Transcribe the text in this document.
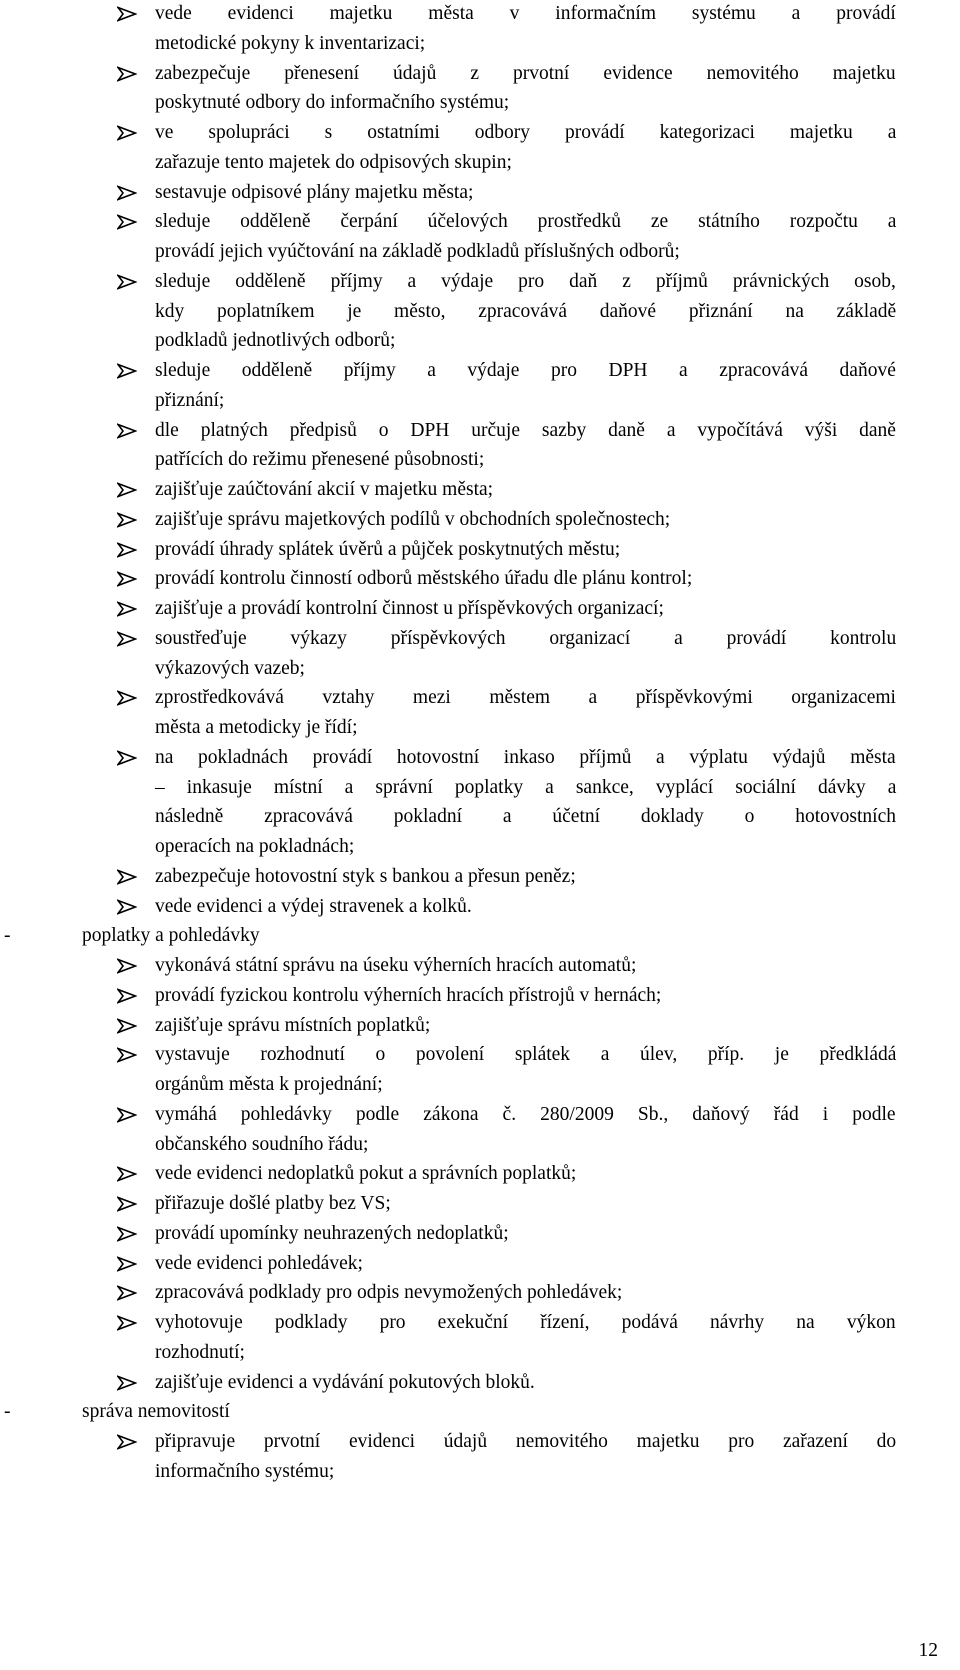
vede evidenci majetku města v informačním systému a provádí
metodické pokyny k inventarizaci;
zabezpečuje přenesení údajů z prvotní evidence nemovitého majetku
poskytnuté odbory do informačního systému;
ve spolupráci s ostatními odbory provádí kategorizaci majetku a
zařazuje tento majetek do odpisových skupin;
sestavuje odpisové plány majetku města;
sleduje odděleně čerpání účelových prostředků ze státního rozpočtu a
provádí jejich vyúčtování na základě podkladů příslušných odborů;
sleduje odděleně příjmy a výdaje pro daň z příjmů právnických osob,
kdy poplatníkem je město, zpracovává daňové přiznání na základě
podkladů jednotlivých odborů;
sleduje odděleně příjmy a výdaje pro DPH a zpracovává daňové
přiznání;
dle platných předpisů o DPH určuje sazby daně a vypočítává výši daně
patřících do režimu přenesené působnosti;
zajišťuje zaúčtování akcií v majetku města;
zajišťuje správu majetkových podílů v obchodních společnostech;
provádí úhrady splátek úvěrů a půjček poskytnutých městu;
provádí kontrolu činností odborů městského úřadu dle plánu kontrol;
zajišťuje a provádí kontrolní činnost u příspěvkových organizací;
soustřeďuje výkazy příspěvkových organizací a provádí kontrolu
výkazových vazeb;
zprostředkovává vztahy mezi městem a příspěvkovými organizacemi
města a metodicky je řídí;
na pokladnách provádí hotovostní inkaso příjmů a výplatu výdajů města
– inkasuje místní a správní poplatky a sankce, vyplácí sociální dávky a
následně zpracovává pokladní a účetní doklady o hotovostních
operacích na pokladnách;
zabezpečuje hotovostní styk s bankou a přesun peněz;
vede evidenci a výdej stravenek a kolků.
-	poplatky a pohledávky
vykonává státní správu na úseku výherních hracích automatů;
provádí fyzickou kontrolu výherních hracích přístrojů v hernách;
zajišťuje správu místních poplatků;
vystavuje rozhodnutí o povolení splátek a úlev, příp. je předkládá
orgánům města k projednání;
vymáhá pohledávky podle zákona č. 280/2009 Sb., daňový řád i podle
občanského soudního řádu;
vede evidenci nedoplatků pokut a správních poplatků;
přiřazuje došlé platby bez VS;
provádí upomínky neuhrazených nedoplatků;
vede evidenci pohledávek;
zpracovává podklady pro odpis nevymožených pohledávek;
vyhotovuje podklady pro exekuční řízení, podává návrhy na výkon
rozhodnutí;
zajišťuje evidenci a vydávání pokutových bloků.
-	správa nemovitostí
připravuje prvotní evidenci údajů nemovitého majetku pro zařazení do
informačního systému;
12
